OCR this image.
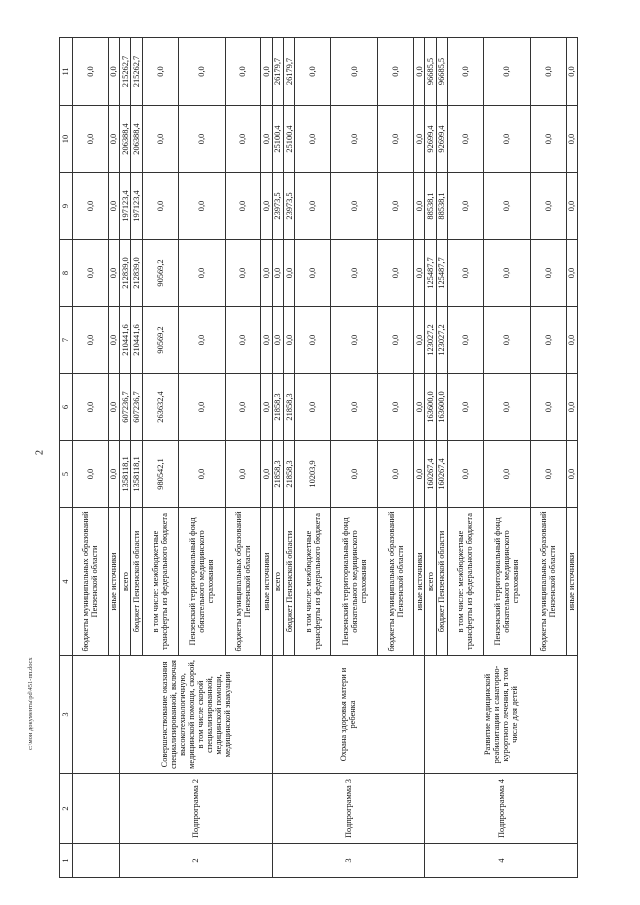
2
1	2	3	4	5	6	7	8	9	10	11
			бюджеты муниципальных образований Пензенской области	0,0	0,0	0,0	0,0	0,0	0,0	0,0
			иные источники	0,0	0,0	0,0	0,0	0,0	0,0	0,0
2	Подпрограмма 2	Совершенствование оказания специализированной, включая высокотехнологичную, медицинской помощи, скорой, в том числе скорой специализированной, медицинской помощи, медицинской эвакуации	всего	1358118,1	607236,7	210441,6	212839,0	197123,4	206388,4	215262,7
			бюджет Пензенской области	1358118,1	607236,7	210441,6	212839,0	197123,4	206388,4	215262,7
			в том числе: межбюджетные трансферты из федерального бюджета	980542,1	263632,4	90569,2	90569,2	0,0	0,0	0,0
			Пензенский территориальный фонд обязательного медицинского страхования	0,0	0,0	0,0	0,0	0,0	0,0	0,0
			бюджеты муниципальных образований Пензенской области	0,0	0,0	0,0	0,0	0,0	0,0	0,0
			иные источники	0,0	0,0	0,0	0,0	0,0	0,0	0,0
3	Подпрограмма 3	Охрана здоровья матери и ребенка	всего	21858,3	21858,3	0,0	0,0	23973,5	25100,4	26179,7
			бюджет Пензенской области	21858,3	21858,3	0,0	0,0	23973,5	25100,4	26179,7
			в том числе: межбюджетные трансферты из федерального бюджета	10203,9	0,0	0,0	0,0	0,0	0,0	0,0
			Пензенский территориальный фонд обязательного медицинского страхования	0,0	0,0	0,0	0,0	0,0	0,0	0,0
			бюджеты муниципальных образований Пензенской области	0,0	0,0	0,0	0,0	0,0	0,0	0,0
			иные источники	0,0	0,0	0,0	0,0	0,0	0,0	0,0
4	Подпрограмма 4	Развитие медицинской реабилитации и санаторно-курортного лечения, в том числе для детей	всего	160267,4	163600,0	123027,2	125487,7	88538,1	92699,4	96685,5
			бюджет Пензенской области	160267,4	163600,0	123027,2	125487,7	88538,1	92699,4	96685,5
			в том числе: межбюджетные трансферты из федерального бюджета	0,0	0,0	0,0	0,0	0,0	0,0	0,0
			Пензенский территориальный фонд обязательного медицинского страхования	0,0	0,0	0,0	0,0	0,0	0,0	0,0
			бюджеты муниципальных образований Пензенской области	0,0	0,0	0,0	0,0	0,0	0,0	0,0
			иные источники	0,0	0,0	0,0	0,0	0,0	0,0	0,0
c:\мои документы\pd\451-пп.docx
